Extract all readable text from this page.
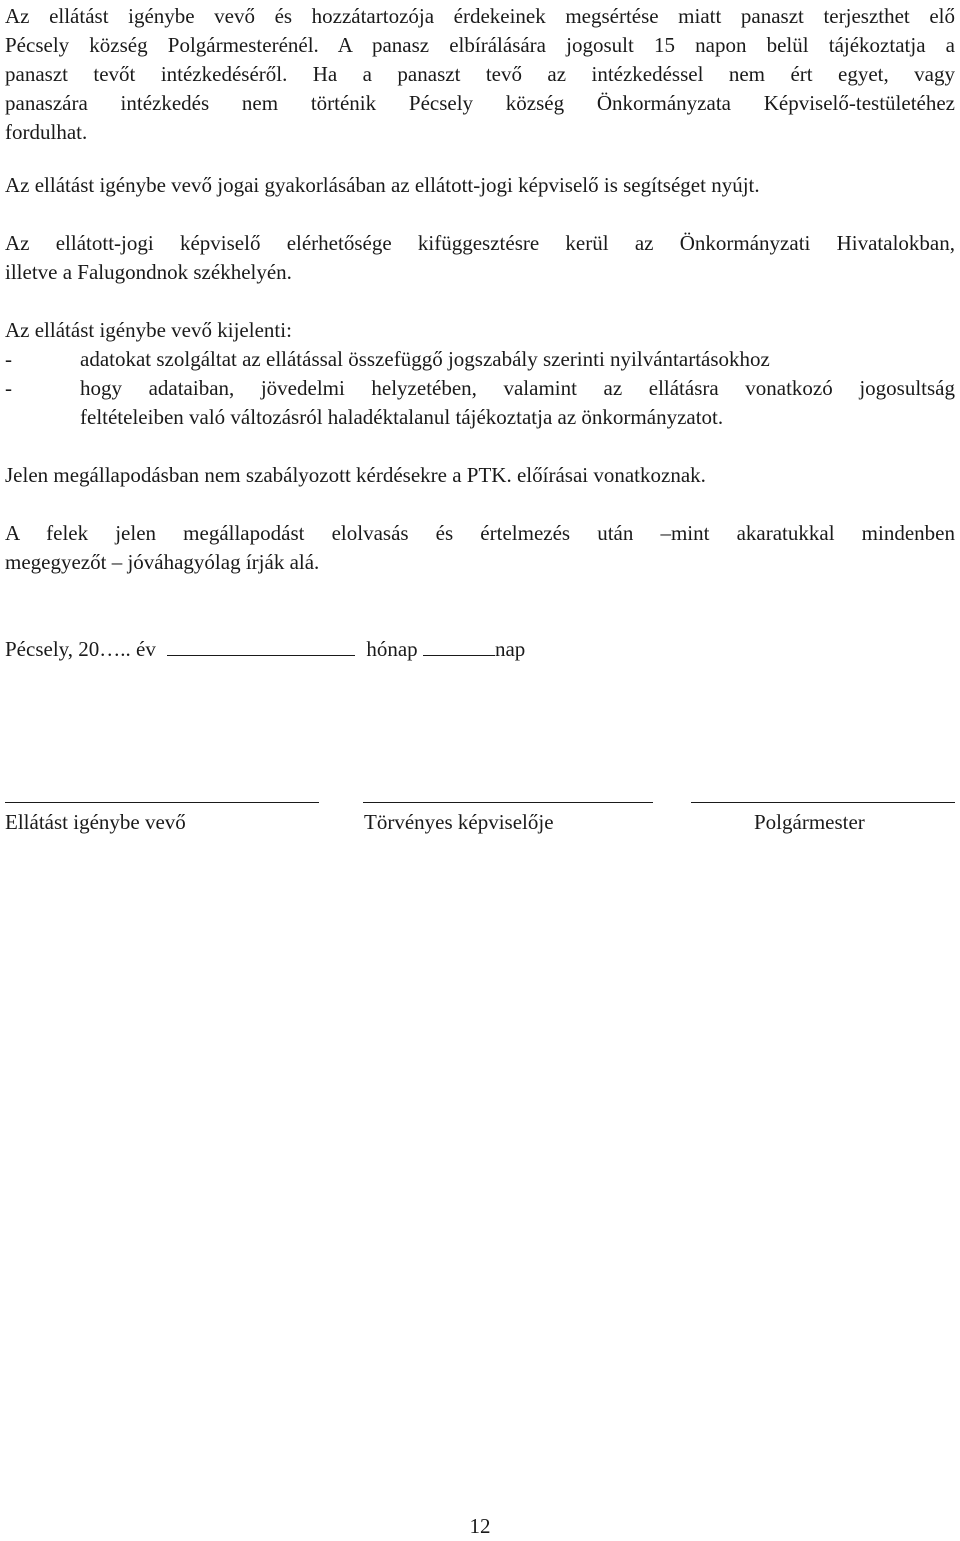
Az ellátást igénybe vevő és hozzátartozója érdekeinek megsértése miatt panaszt terjeszthet elő
Pécsely község Polgármesterénél. A panasz elbírálására jogosult 15 napon belül tájékoztatja a
panaszt tevőt intézkedéséről. Ha a panaszt tevő az intézkedéssel nem ért egyet, vagy
panaszára intézkedés nem történik Pécsely község Önkormányzata Képviselő-testületéhez
fordulhat.
Az ellátást igénybe vevő jogai gyakorlásában az ellátott-jogi képviselő is segítséget nyújt.
Az ellátott-jogi képviselő elérhetősége kifüggesztésre kerül az Önkormányzati Hivatalokban,
illetve a Falugondnok székhelyén.
Az ellátást igénybe vevő kijelenti:
-	adatokat szolgáltat az ellátással összefüggő jogszabály szerinti nyilvántartásokhoz
-	hogy adataiban, jövedelmi helyzetében, valamint az ellátásra vonatkozó jogosultság
feltételeiben való változásról haladéktalanul tájékoztatja az önkormányzatot.
Jelen megállapodásban nem szabályozott kérdésekre a PTK. előírásai vonatkoznak.
A felek jelen megállapodást elolvasás és értelmezés után –mint akaratukkal mindenben
megegyezőt – jóváhagyólag írják alá.
Pécsely, 20….. év	hónap	nap
Ellátást igénybe vevő	Törvényes képviselője	Polgármester
12
